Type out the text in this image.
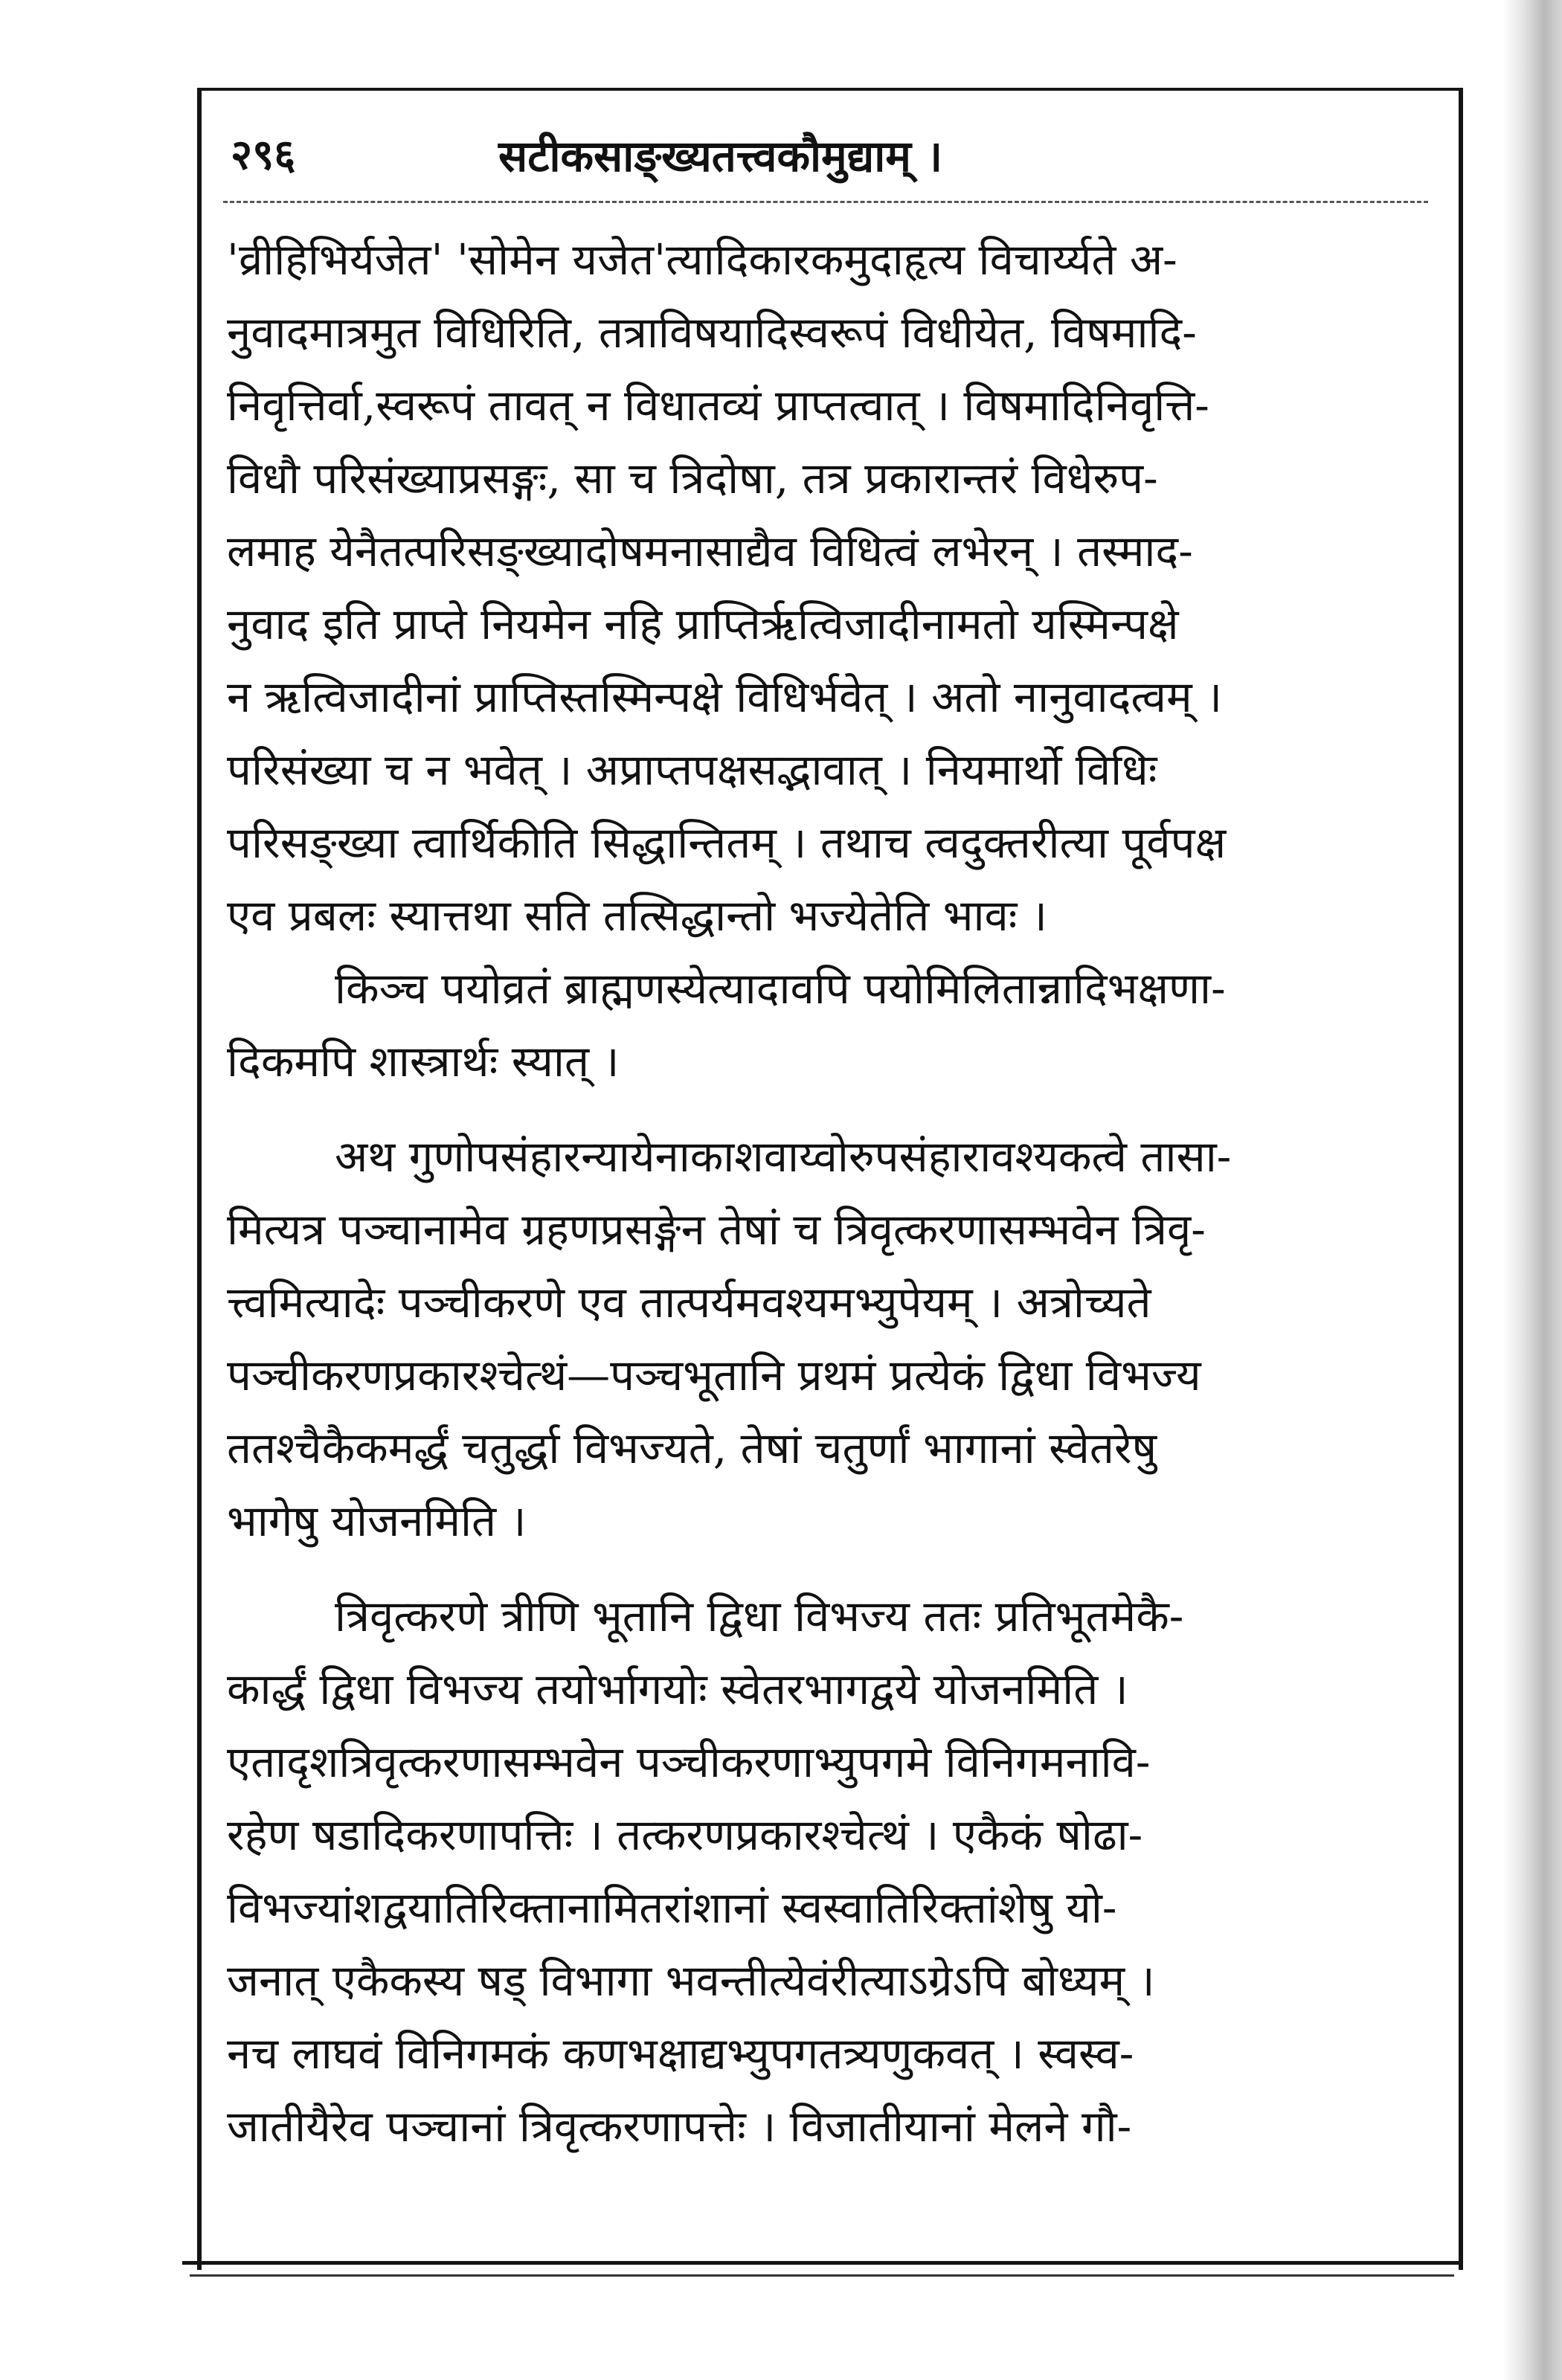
२९६	सटीकसाङ्ख्यतत्त्वकौमुद्याम् ।
'व्रीहिभिर्यजेत' 'सोमेन यजेत'त्यादिकारकमुदाहृत्य विचार्य्यते अ-
नुवादमात्रमुत विधिरिति, तत्राविषयादिस्वरूपं विधीयेत, विषमादि-
निवृत्तिर्वा,स्वरूपं तावत् न विधातव्यं प्राप्तत्वात् । विषमादिनिवृत्ति-
विधौ परिसंख्याप्रसङ्गः, सा च त्रिदोषा, तत्र प्रकारान्तरं विधेरुप-
लमाह येनैतत्परिसङ्ख्यादोषमनासाद्यैव विधित्वं लभेरन् । तस्माद-
नुवाद इति प्राप्ते नियमेन नहि प्राप्तिरृत्विजादीनामतो यस्मिन्पक्षे
न ऋत्विजादीनां प्राप्तिस्तस्मिन्पक्षे विधिर्भवेत् । अतो नानुवादत्वम् ।
परिसंख्या च न भवेत् । अप्राप्तपक्षसद्भावात् । नियमार्थो विधिः
परिसङ्ख्या त्वार्थिकीति सिद्धान्तितम् । तथाच त्वदुक्तरीत्या पूर्वपक्ष
एव प्रबलः स्यात्तथा सति तत्सिद्धान्तो भज्येतेति भावः ।
किञ्च पयोव्रतं ब्राह्मणस्येत्यादावपि पयोमिलितान्नादिभक्षणा-
दिकमपि शास्त्रार्थः स्यात् ।
अथ गुणोपसंहारन्यायेनाकाशवाय्वोरुपसंहारावश्यकत्वे तासा-
मित्यत्र पञ्चानामेव ग्रहणप्रसङ्गेन तेषां च त्रिवृत्करणासम्भवेन त्रिवृ-
त्त्वमित्यादेः पञ्चीकरणे एव तात्पर्यमवश्यमभ्युपेयम् । अत्रोच्यते
पञ्चीकरणप्रकारश्चेत्थं—पञ्चभूतानि प्रथमं प्रत्येकं द्विधा विभज्य
ततश्चैकैकमर्द्धं चतुर्द्धा विभज्यते, तेषां चतुर्णां भागानां स्वेतरेषु
भागेषु योजनमिति ।
त्रिवृत्करणे त्रीणि भूतानि द्विधा विभज्य ततः प्रतिभूतमेकै-
कार्द्धं द्विधा विभज्य तयोर्भागयोः स्वेतरभागद्वये योजनमिति ।
एतादृशत्रिवृत्करणासम्भवेन पञ्चीकरणाभ्युपगमे विनिगमनावि-
रहेण षडादिकरणापत्तिः । तत्करणप्रकारश्चेत्थं । एकैकं षोढा-
विभज्यांशद्वयातिरिक्तानामितरांशानां स्वस्वातिरिक्तांशेषु यो-
जनात् एकैकस्य षड् विभागा भवन्तीत्येवंरीत्याऽग्रेऽपि बोध्यम् ।
नच लाघवं विनिगमकं कणभक्षाद्यभ्युपगतत्र्यणुकवत् । स्वस्व-
जातीयैरेव पञ्चानां त्रिवृत्करणापत्तेः । विजातीयानां मेलने गौ-
